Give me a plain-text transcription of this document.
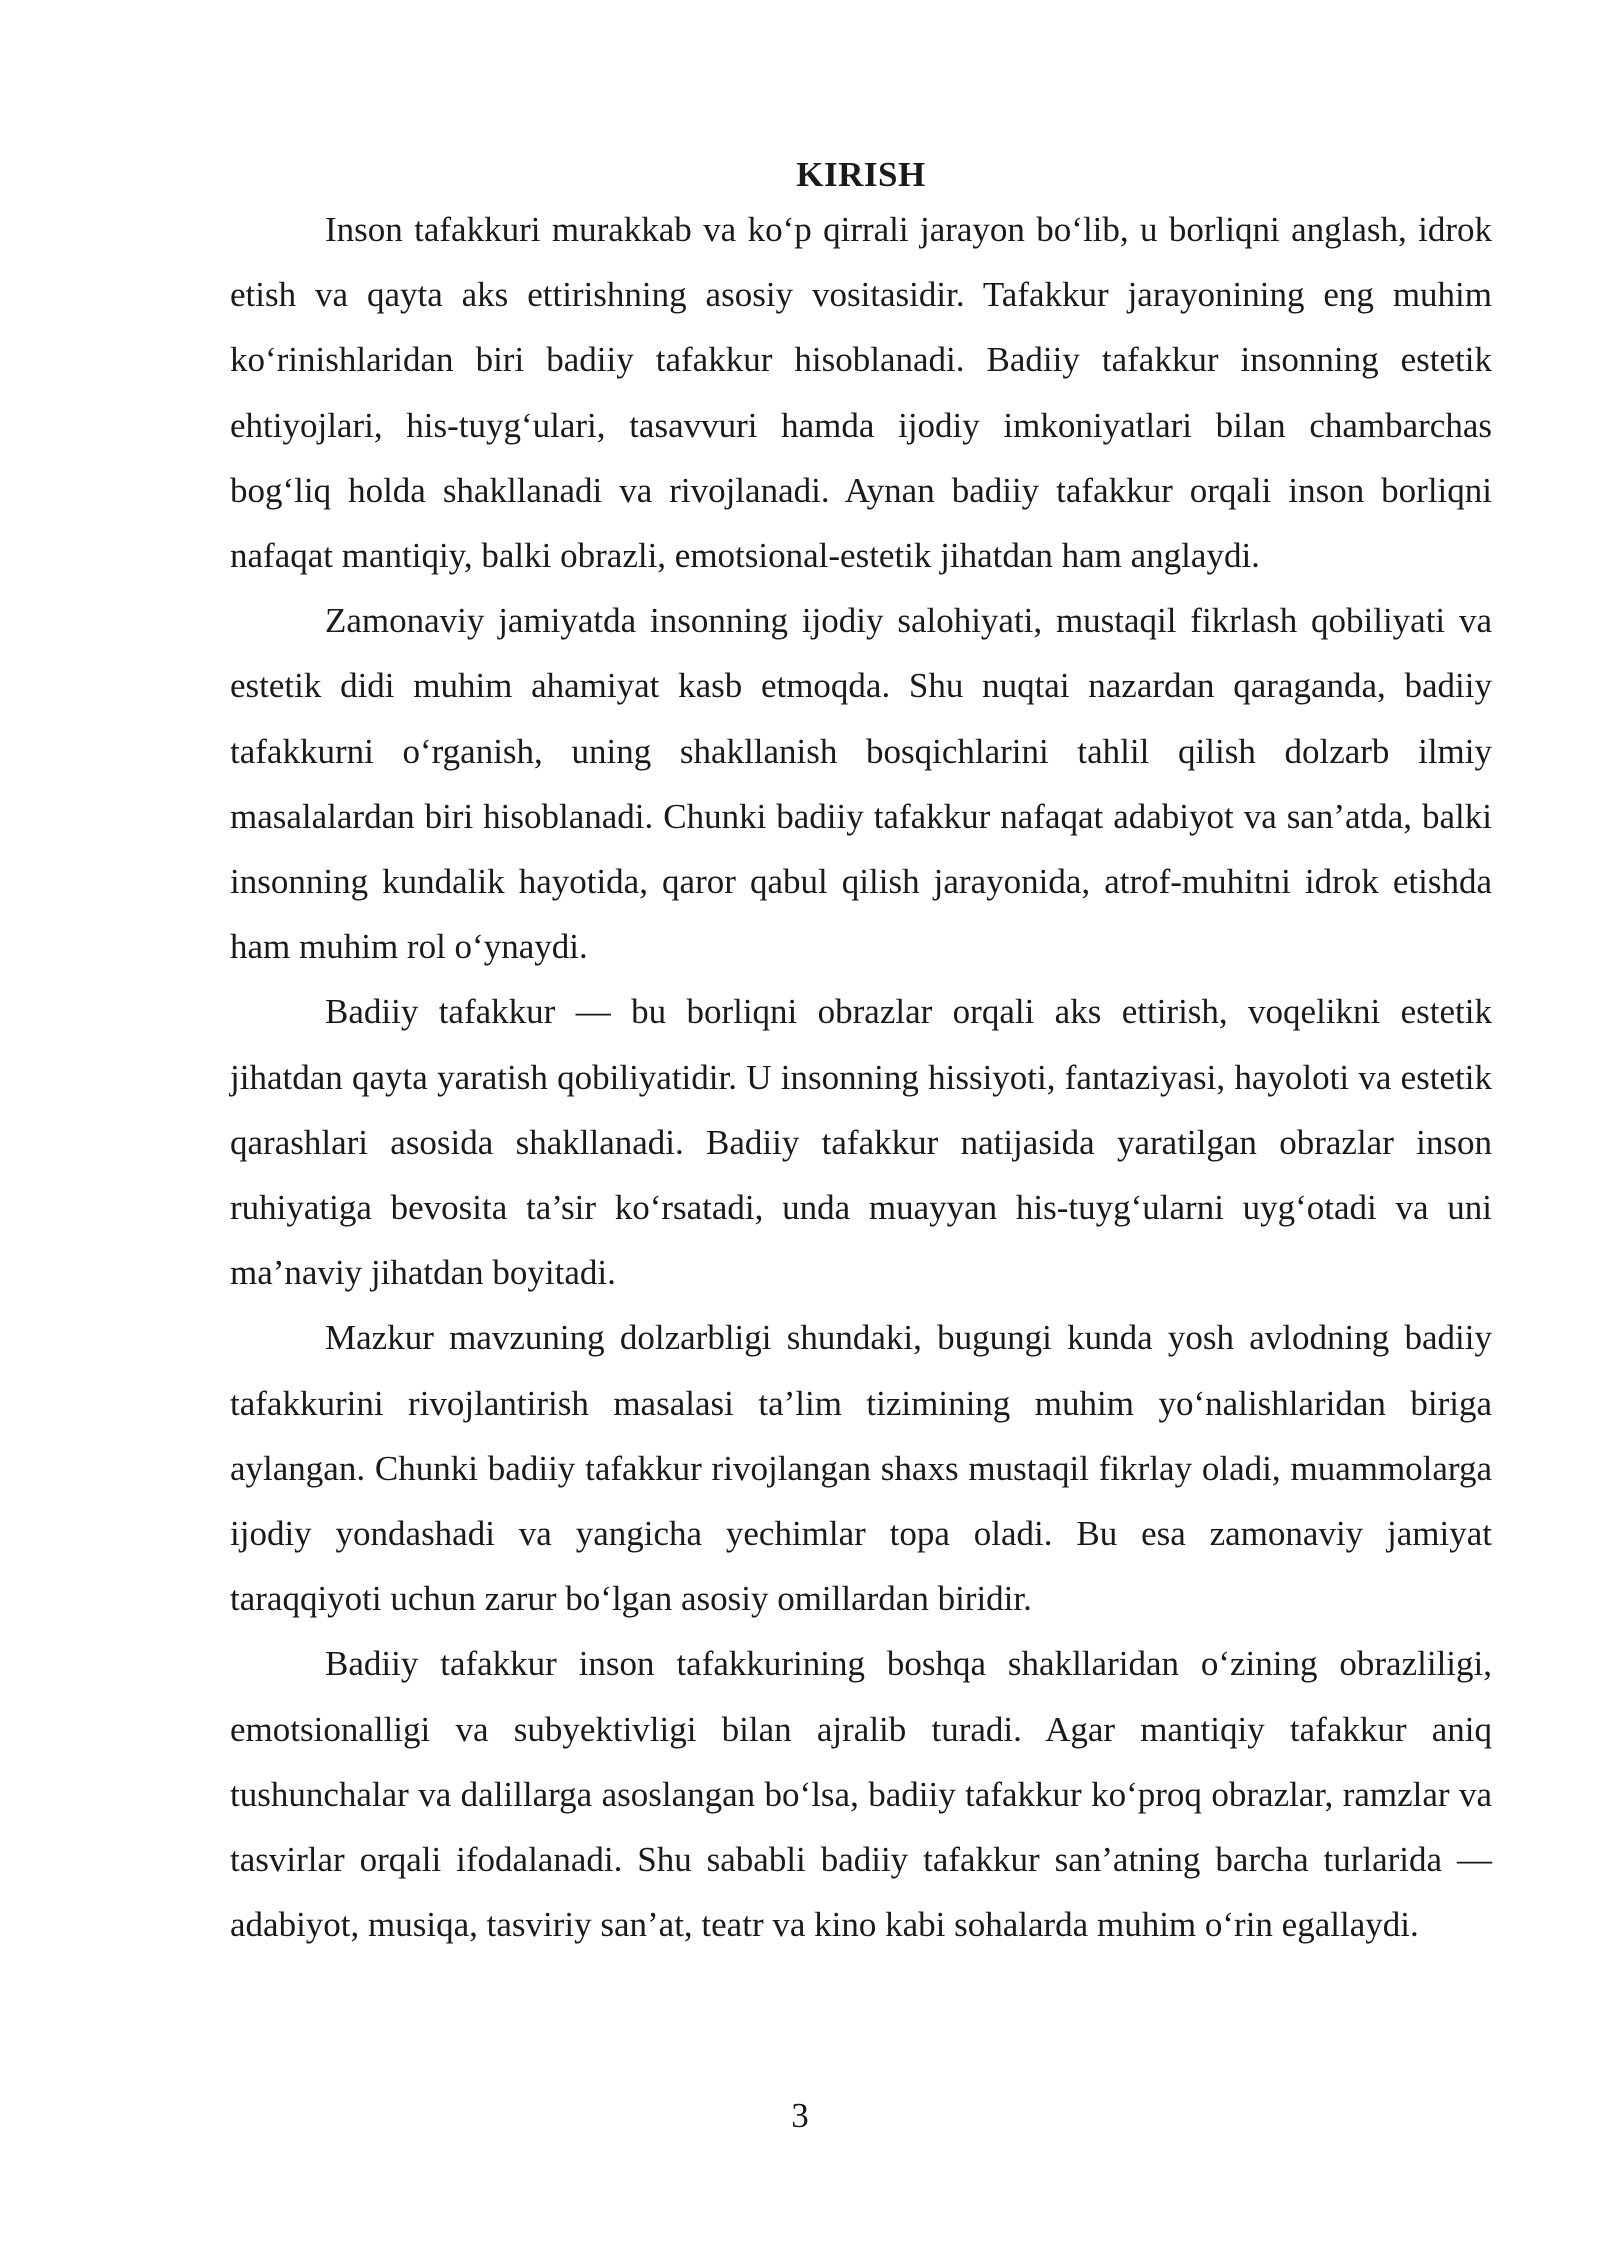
KIRISH

Inson tafakkuri murakkab va ko‘p qirrali jarayon bo‘lib, u borliqni anglash, idrok etish va qayta aks ettirishning asosiy vositasidir. Tafakkur jarayonining eng muhim ko‘rinishlaridan biri badiiy tafakkur hisoblanadi. Badiiy tafakkur insonning estetik ehtiyojlari, his-tuyg‘ulari, tasavvuri hamda ijodiy imkoniyatlari bilan chambarchas bog‘liq holda shakllanadi va rivojlanadi. Aynan badiiy tafakkur orqali inson borliqni nafaqat mantiqiy, balki obrazli, emotsional-estetik jihatdan ham anglaydi.

Zamonaviy jamiyatda insonning ijodiy salohiyati, mustaqil fikrlash qobiliyati va estetik didi muhim ahamiyat kasb etmoqda. Shu nuqtai nazardan qaraganda, badiiy tafakkurni o‘rganish, uning shakllanish bosqichlarini tahlil qilish dolzarb ilmiy masalalardan biri hisoblanadi. Chunki badiiy tafakkur nafaqat adabiyot va san’atda, balki insonning kundalik hayotida, qaror qabul qilish jarayonida, atrof-muhitni idrok etishda ham muhim rol o‘ynaydi.

Badiiy tafakkur — bu borliqni obrazlar orqali aks ettirish, voqelikni estetik jihatdan qayta yaratish qobiliyatidir. U insonning hissiyoti, fantaziyasi, hayoloti va estetik qarashlari asosida shakllanadi. Badiiy tafakkur natijasida yaratilgan obrazlar inson ruhiyatiga bevosita ta’sir ko‘rsatadi, unda muayyan his-tuyg‘ularni uyg‘otadi va uni ma’naviy jihatdan boyitadi.

Mazkur mavzuning dolzarbligi shundaki, bugungi kunda yosh avlodning badiiy tafakkurini rivojlantirish masalasi ta’lim tizimining muhim yo‘nalishlaridan biriga aylangan. Chunki badiiy tafakkur rivojlangan shaxs mustaqil fikrlay oladi, muammolarga ijodiy yondashadi va yangicha yechimlar topa oladi. Bu esa zamonaviy jamiyat taraqqiyoti uchun zarur bo‘lgan asosiy omillardan biridir.

Badiiy tafakkur inson tafakkurining boshqa shakllaridan o‘zining obrazliligi, emotsionalligi va subyektivligi bilan ajralib turadi. Agar mantiqiy tafakkur aniq tushunchalar va dalillarga asoslangan bo‘lsa, badiiy tafakkur ko‘proq obrazlar, ramzlar va tasvirlar orqali ifodalanadi. Shu sababli badiiy tafakkur san’atning barcha turlarida — adabiyot, musiqa, tasviriy san’at, teatr va kino kabi sohalarda muhim o‘rin egallaydi.

3
